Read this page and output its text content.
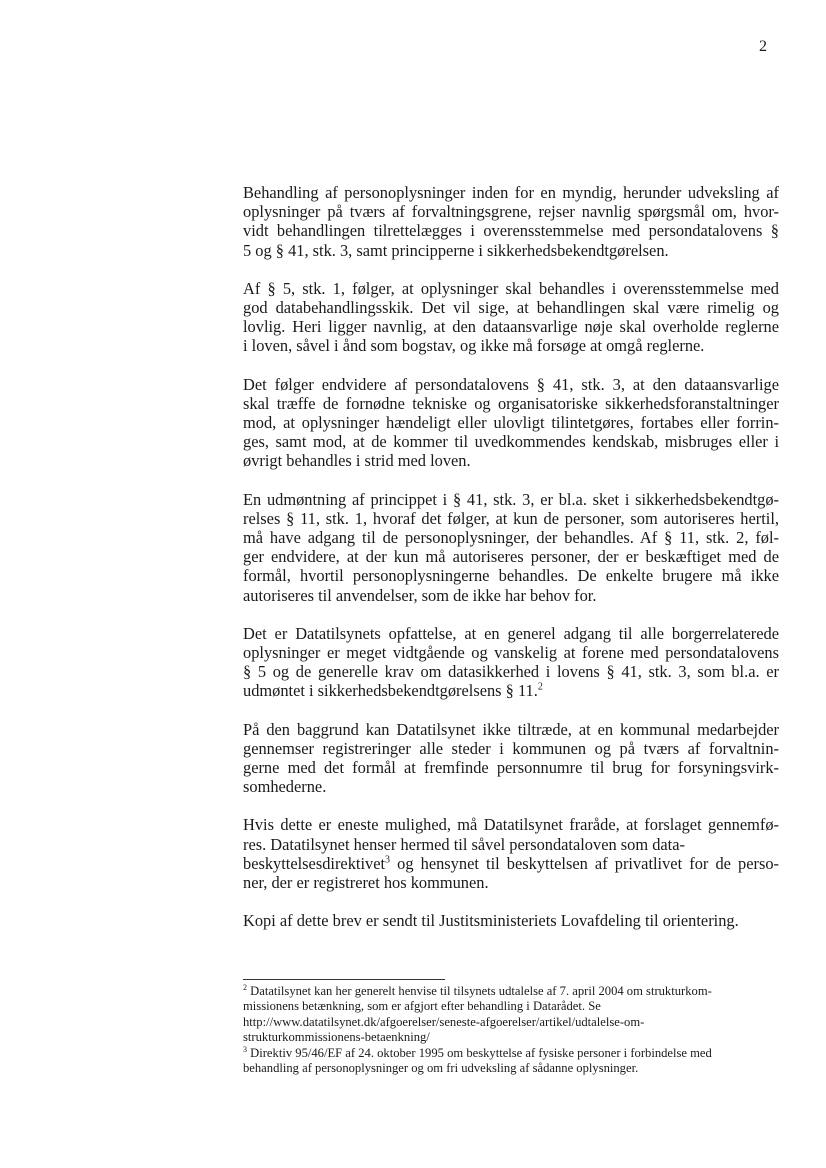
2

Behandling af personoplysninger inden for en myndig, herunder udveksling af
oplysninger på tværs af forvaltningsgrene, rejser navnlig spørgsmål om, hvor-
vidt behandlingen tilrettelægges i overensstemmelse med persondatalovens §
5 og § 41, stk. 3, samt principperne i sikkerhedsbekendtgørelsen.

Af § 5, stk. 1, følger, at oplysninger skal behandles i overensstemmelse med
god databehandlingsskik. Det vil sige, at behandlingen skal være rimelig og
lovlig. Heri ligger navnlig, at den dataansvarlige nøje skal overholde reglerne
i loven, såvel i ånd som bogstav, og ikke må forsøge at omgå reglerne.

Det følger endvidere af persondatalovens § 41, stk. 3, at den dataansvarlige
skal træffe de fornødne tekniske og organisatoriske sikkerhedsforanstaltninger
mod, at oplysninger hændeligt eller ulovligt tilintetgøres, fortabes eller forrin-
ges, samt mod, at de kommer til uvedkommendes kendskab, misbruges eller i
øvrigt behandles i strid med loven.

En udmøntning af princippet i § 41, stk. 3, er bl.a. sket i sikkerhedsbekendtgø-
relses § 11, stk. 1, hvoraf det følger, at kun de personer, som autoriseres hertil,
må have adgang til de personoplysninger, der behandles. Af § 11, stk. 2, føl-
ger endvidere, at der kun må autoriseres personer, der er beskæftiget med de
formål, hvortil personoplysningerne behandles. De enkelte brugere må ikke
autoriseres til anvendelser, som de ikke har behov for.

Det er Datatilsynets opfattelse, at en generel adgang til alle borgerrelaterede
oplysninger er meget vidtgående og vanskelig at forene med persondatalovens
§ 5 og de generelle krav om datasikkerhed i lovens § 41, stk. 3, som bl.a. er
udmøntet i sikkerhedsbekendtgørelsens § 11.$^2$

På den baggrund kan Datatilsynet ikke tiltræde, at en kommunal medarbejder
gennemser registreringer alle steder i kommunen og på tværs af forvaltnin-
gerne med det formål at fremfinde personnumre til brug for forsyningsvirk-
somhederne.

Hvis dette er eneste mulighed, må Datatilsynet fraråde, at forslaget gennemfø-
res. Datatilsynet henser hermed til såvel persondataloven som data-
beskyttelsesdirektivet$^3$ og hensynet til beskyttelsen af privatlivet for de perso-
ner, der er registreret hos kommunen.

Kopi af dette brev er sendt til Justitsministeriets Lovafdeling til orientering.

$^2$ Datatilsynet kan her generelt henvise til tilsynets udtalelse af 7. april 2004 om strukturkom-
missionens betænkning, som er afgjort efter behandling i Datarådet. Se
http://www.datatilsynet.dk/afgoerelser/seneste-afgoerelser/artikel/udtalelse-om-
strukturkommissionens-betaenkning/
$^3$ Direktiv 95/46/EF af 24. oktober 1995 om beskyttelse af fysiske personer i forbindelse med
behandling af personoplysninger og om fri udveksling af sådanne oplysninger.
